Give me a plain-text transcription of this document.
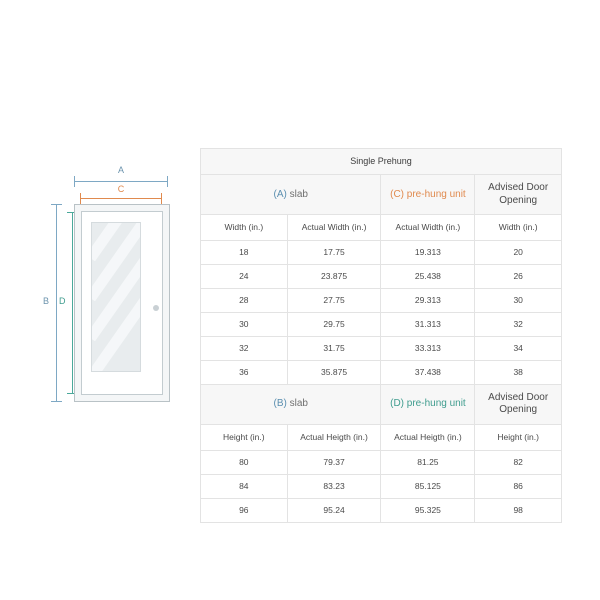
A
C
B D
Single Prehung			
(A) slab		(C) pre-hung unit	Advised Door Opening
Width (in.)	Actual Width (in.)	Actual Width (in.)	Width (in.)
18	17.75	19.313	20
24	23.875	25.438	26
28	27.75	29.313	30
30	29.75	31.313	32
32	31.75	33.313	34
36	35.875	37.438	38
(B) slab		(D) pre-hung unit	Advised Door Opening
Height (in.)	Actual Heigth (in.)	Actual Heigth (in.)	Height (in.)
80	79.37	81.25	82
84	83.23	85.125	86
96	95.24	95.325	98
